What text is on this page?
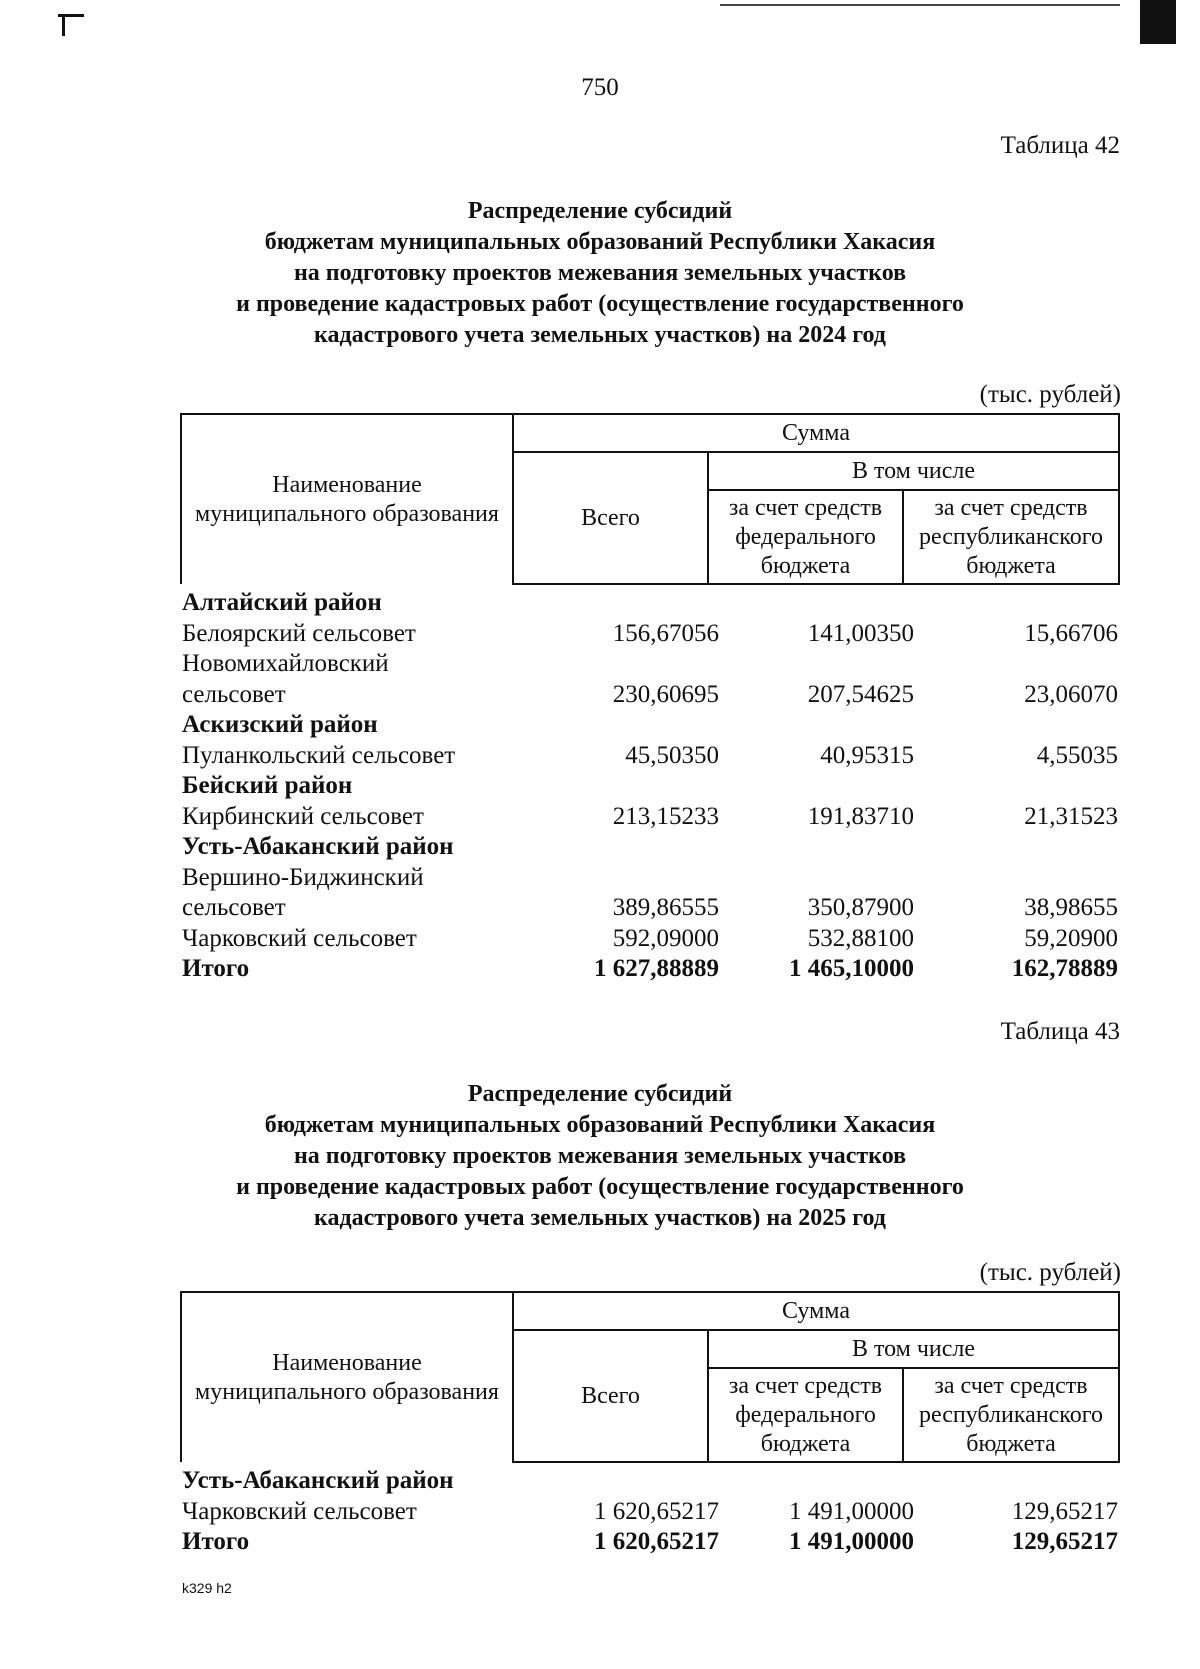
750
Таблица 42
Распределение субсидий
бюджетам муниципальных образований Республики Хакасия
на подготовку проектов межевания земельных участков
и проведение кадастровых работ (осуществление государственного
кадастрового учета земельных участков) на 2024 год
(тыс. рублей)
Наименование муниципального образования	Сумма		
	Всего	В том числе	
		за счет средств федерального бюджета	за счет средств республиканского бюджета
Алтайский район
Белоярский сельсовет	156,67056	141,00350	15,66706
Новомихайловский
сельсовет	230,60695	207,54625	23,06070
Аскизский район
Пуланкольский сельсовет	45,50350	40,95315	4,55035
Бейский район
Кирбинский сельсовет	213,15233	191,83710	21,31523
Усть-Абаканский район
Вершино-Биджинский
сельсовет	389,86555	350,87900	38,98655
Чарковский сельсовет	592,09000	532,88100	59,20900
Итого	1 627,88889	1 465,10000	162,78889
Таблица 43
Распределение субсидий
бюджетам муниципальных образований Республики Хакасия
на подготовку проектов межевания земельных участков
и проведение кадастровых работ (осуществление государственного
кадастрового учета земельных участков) на 2025 год
(тыс. рублей)
Наименование муниципального образования	Сумма		
	Всего	В том числе	
		за счет средств федерального бюджета	за счет средств республиканского бюджета
Усть-Абаканский район
Чарковский сельсовет	1 620,65217	1 491,00000	129,65217
Итого	1 620,65217	1 491,00000	129,65217
k329 h2
